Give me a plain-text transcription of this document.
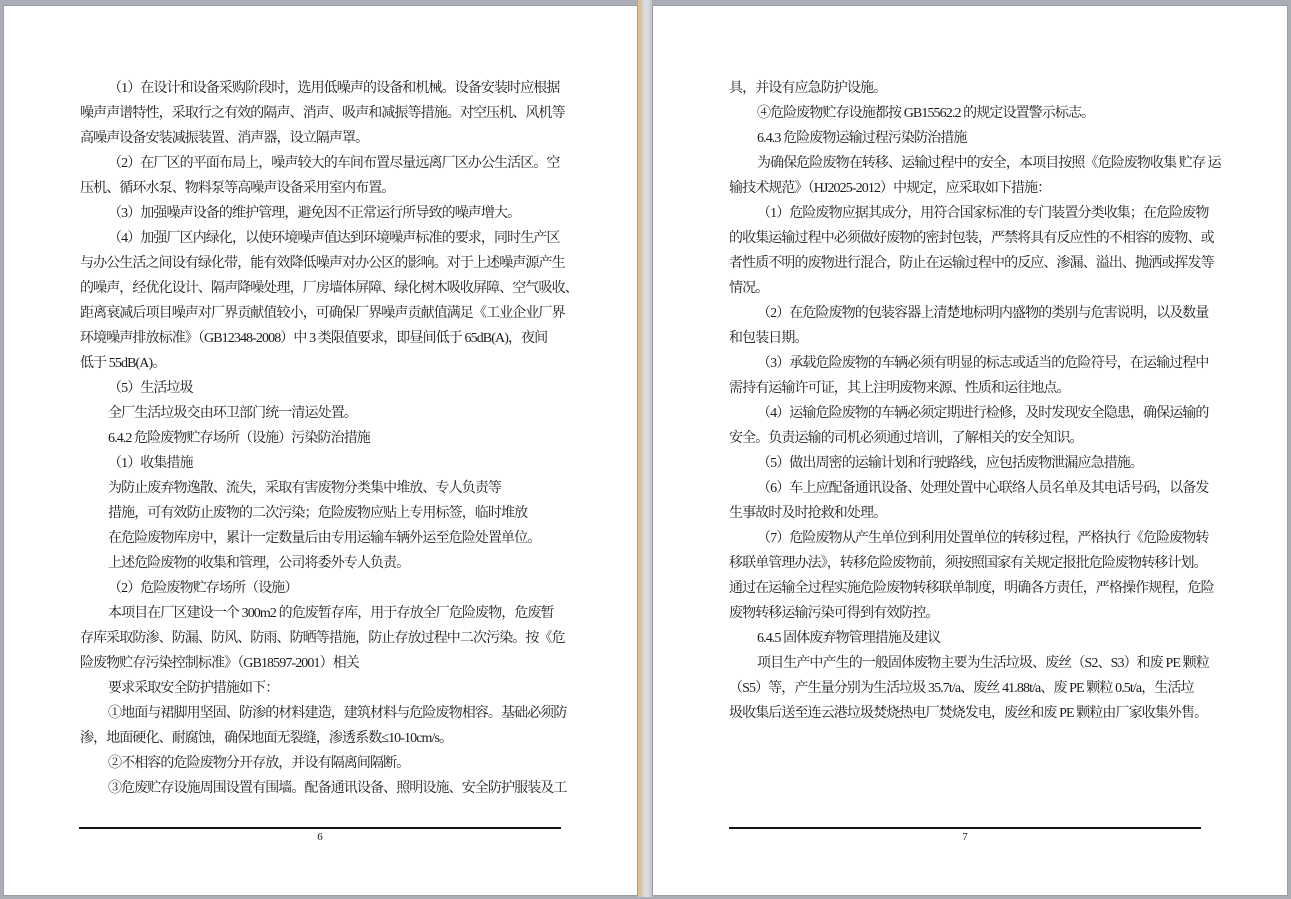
（1）在设计和设备采购阶段时，选用低噪声的设备和机械。设备安装时应根据
噪声声谱特性，采取行之有效的隔声、消声、吸声和减振等措施。对空压机、风机等
高噪声设备安装减振装置、消声器，设立隔声罩。
（2）在厂区的平面布局上，噪声较大的车间布置尽量远离厂区办公生活区。空
压机、循环水泵、物料泵等高噪声设备采用室内布置。
（3）加强噪声设备的维护管理，避免因不正常运行所导致的噪声增大。
（4）加强厂区内绿化，以使环境噪声值达到环境噪声标准的要求，同时生产区
与办公生活之间设有绿化带，能有效降低噪声对办公区的影响。对于上述噪声源产生
的噪声，经优化设计、隔声降噪处理，厂房墙体屏障、绿化树木吸收屏障、空气吸收、
距离衰减后项目噪声对厂界贡献值较小，可确保厂界噪声贡献值满足《工业企业厂界
环境噪声排放标准》（GB12348-2008）中 3 类限值要求，即昼间低于 65dB(A)，夜间
低于 55dB(A)。
（5）生活垃圾
全厂生活垃圾交由环卫部门统一清运处置。
6.4.2 危险废物贮存场所（设施）污染防治措施
（1）收集措施
为防止废弃物逸散、流失，采取有害废物分类集中堆放、专人负责等
措施，可有效防止废物的二次污染；危险废物应贴上专用标签，临时堆放
在危险废物库房中，累计一定数量后由专用运输车辆外运至危险处置单位。
上述危险废物的收集和管理，公司将委外专人负责。
（2）危险废物贮存场所（设施）
本项目在厂区建设一个 300m2 的危废暂存库，用于存放全厂危险废物，危废暂
存库采取防渗、防漏、防风、防雨、防晒等措施，防止存放过程中二次污染。按《危
险废物贮存污染控制标准》（GB18597-2001）相关
要求采取安全防护措施如下：
①地面与裙脚用坚固、防渗的材料建造，建筑材料与危险废物相容。基础必须防
渗，地面硬化、耐腐蚀，确保地面无裂缝，渗透系数≤10-10cm/s。
②不相容的危险废物分开存放，并设有隔离间隔断。
③危废贮存设施周围设置有围墙。配备通讯设备、照明设施、安全防护服装及工
6
具，并设有应急防护设施。
④危险废物贮存设施都按 GB15562.2 的规定设置警示标志。
6.4.3 危险废物运输过程污染防治措施
为确保危险废物在转移、运输过程中的安全，本项目按照《危险废物收集 贮存 运
输技术规范》（HJ2025-2012）中规定，应采取如下措施：
（1）危险废物应据其成分，用符合国家标准的专门装置分类收集；在危险废物
的收集运输过程中必须做好废物的密封包装，严禁将具有反应性的不相容的废物、或
者性质不明的废物进行混合，防止在运输过程中的反应、渗漏、溢出、抛洒或挥发等
情况。
（2）在危险废物的包装容器上清楚地标明内盛物的类别与危害说明，以及数量
和包装日期。
（3）承载危险废物的车辆必须有明显的标志或适当的危险符号，在运输过程中
需持有运输许可证，其上注明废物来源、性质和运往地点。
（4）运输危险废物的车辆必须定期进行检修，及时发现安全隐患，确保运输的
安全。负责运输的司机必须通过培训，了解相关的安全知识。
（5）做出周密的运输计划和行驶路线，应包括废物泄漏应急措施。
（6）车上应配备通讯设备、处理处置中心联络人员名单及其电话号码，以备发
生事故时及时抢救和处理。
（7）危险废物从产生单位到利用处置单位的转移过程，严格执行《危险废物转
移联单管理办法》，转移危险废物前，须按照国家有关规定报批危险废物转移计划。
通过在运输全过程实施危险废物转移联单制度，明确各方责任，严格操作规程，危险
废物转移运输污染可得到有效防控。
6.4.5 固体废弃物管理措施及建议
项目生产中产生的一般固体废物主要为生活垃圾、废丝（S2、S3）和废 PE 颗粒
（S5）等，产生量分别为生活垃圾 35.7t/a、废丝 41.88t/a、废 PE 颗粒 0.5t/a，生活垃
圾收集后送至连云港垃圾焚烧热电厂焚烧发电，废丝和废 PE 颗粒由厂家收集外售。
7
